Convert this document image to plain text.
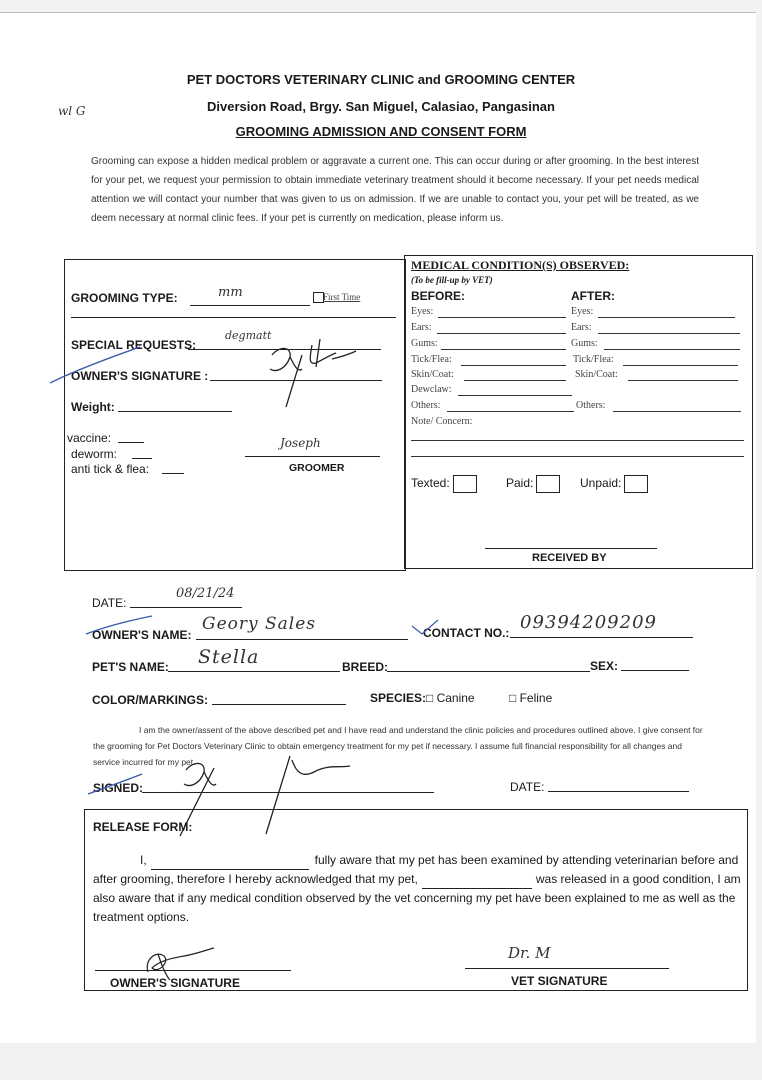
wl G
PET DOCTORS VETERINARY CLINIC and GROOMING CENTER
Diversion Road, Brgy. San Miguel, Calasiao, Pangasinan
GROOMING ADMISSION AND CONSENT FORM
Grooming can expose a hidden medical problem or aggravate a current one. This can occur during or after grooming. In the best interest for your pet, we request your permission to obtain immediate veterinary treatment should it become necessary. If your pet needs medical attention we will contact your number that was given to us on admission. If we are unable to contact you, your pet will be treated, as we deem necessary at normal clinic fees. If your pet is currently on medication, please inform us.
GROOMING TYPE:	mm	First Time
SPECIAL REQUESTS:
degmatt
OWNER'S SIGNATURE :
Weight:
vaccine:
deworm:
anti tick & flea:
Joseph
GROOMER
MEDICAL CONDITION(S) OBSERVED:
(To be fill-up by VET)
BEFORE:	AFTER:
Eyes:	Eyes:
Ears:	Ears:
Gums:	Gums:
Tick/Flea:	Tick/Flea:
Skin/Coat:	Skin/Coat:
Dewclaw:
Others:	Others:
Note/ Concern:
Texted:	Paid:	Unpaid:
RECEIVED BY
DATE:
08/21/24
OWNER'S NAME:
Geory Sales	CONTACT NO.: 09394209209
PET'S NAME: Stella	BREED:	SEX:
COLOR/MARKINGS:	SPECIES: □ Canine	□ Feline
I am the owner/assent of the above described pet and I have read and understand the clinic policies and procedures outlined above. I give consent for the grooming for Pet Doctors Veterinary Clinic to obtain emergency treatment for my pet if necessary. I assume full financial responsibility for all changes and service incurred for my pet.
SIGNED:	DATE:
RELEASE FORM:
I,	fully aware that my pet has been examined by attending veterinarian before and after grooming, therefore I hereby acknowledged that my pet,	was released in a good condition, I am also aware that if any medical condition observed by the vet concerning my pet have been explained to me as well as the treatment options.
OWNER'S SIGNATURE
Dr. M
VET SIGNATURE
